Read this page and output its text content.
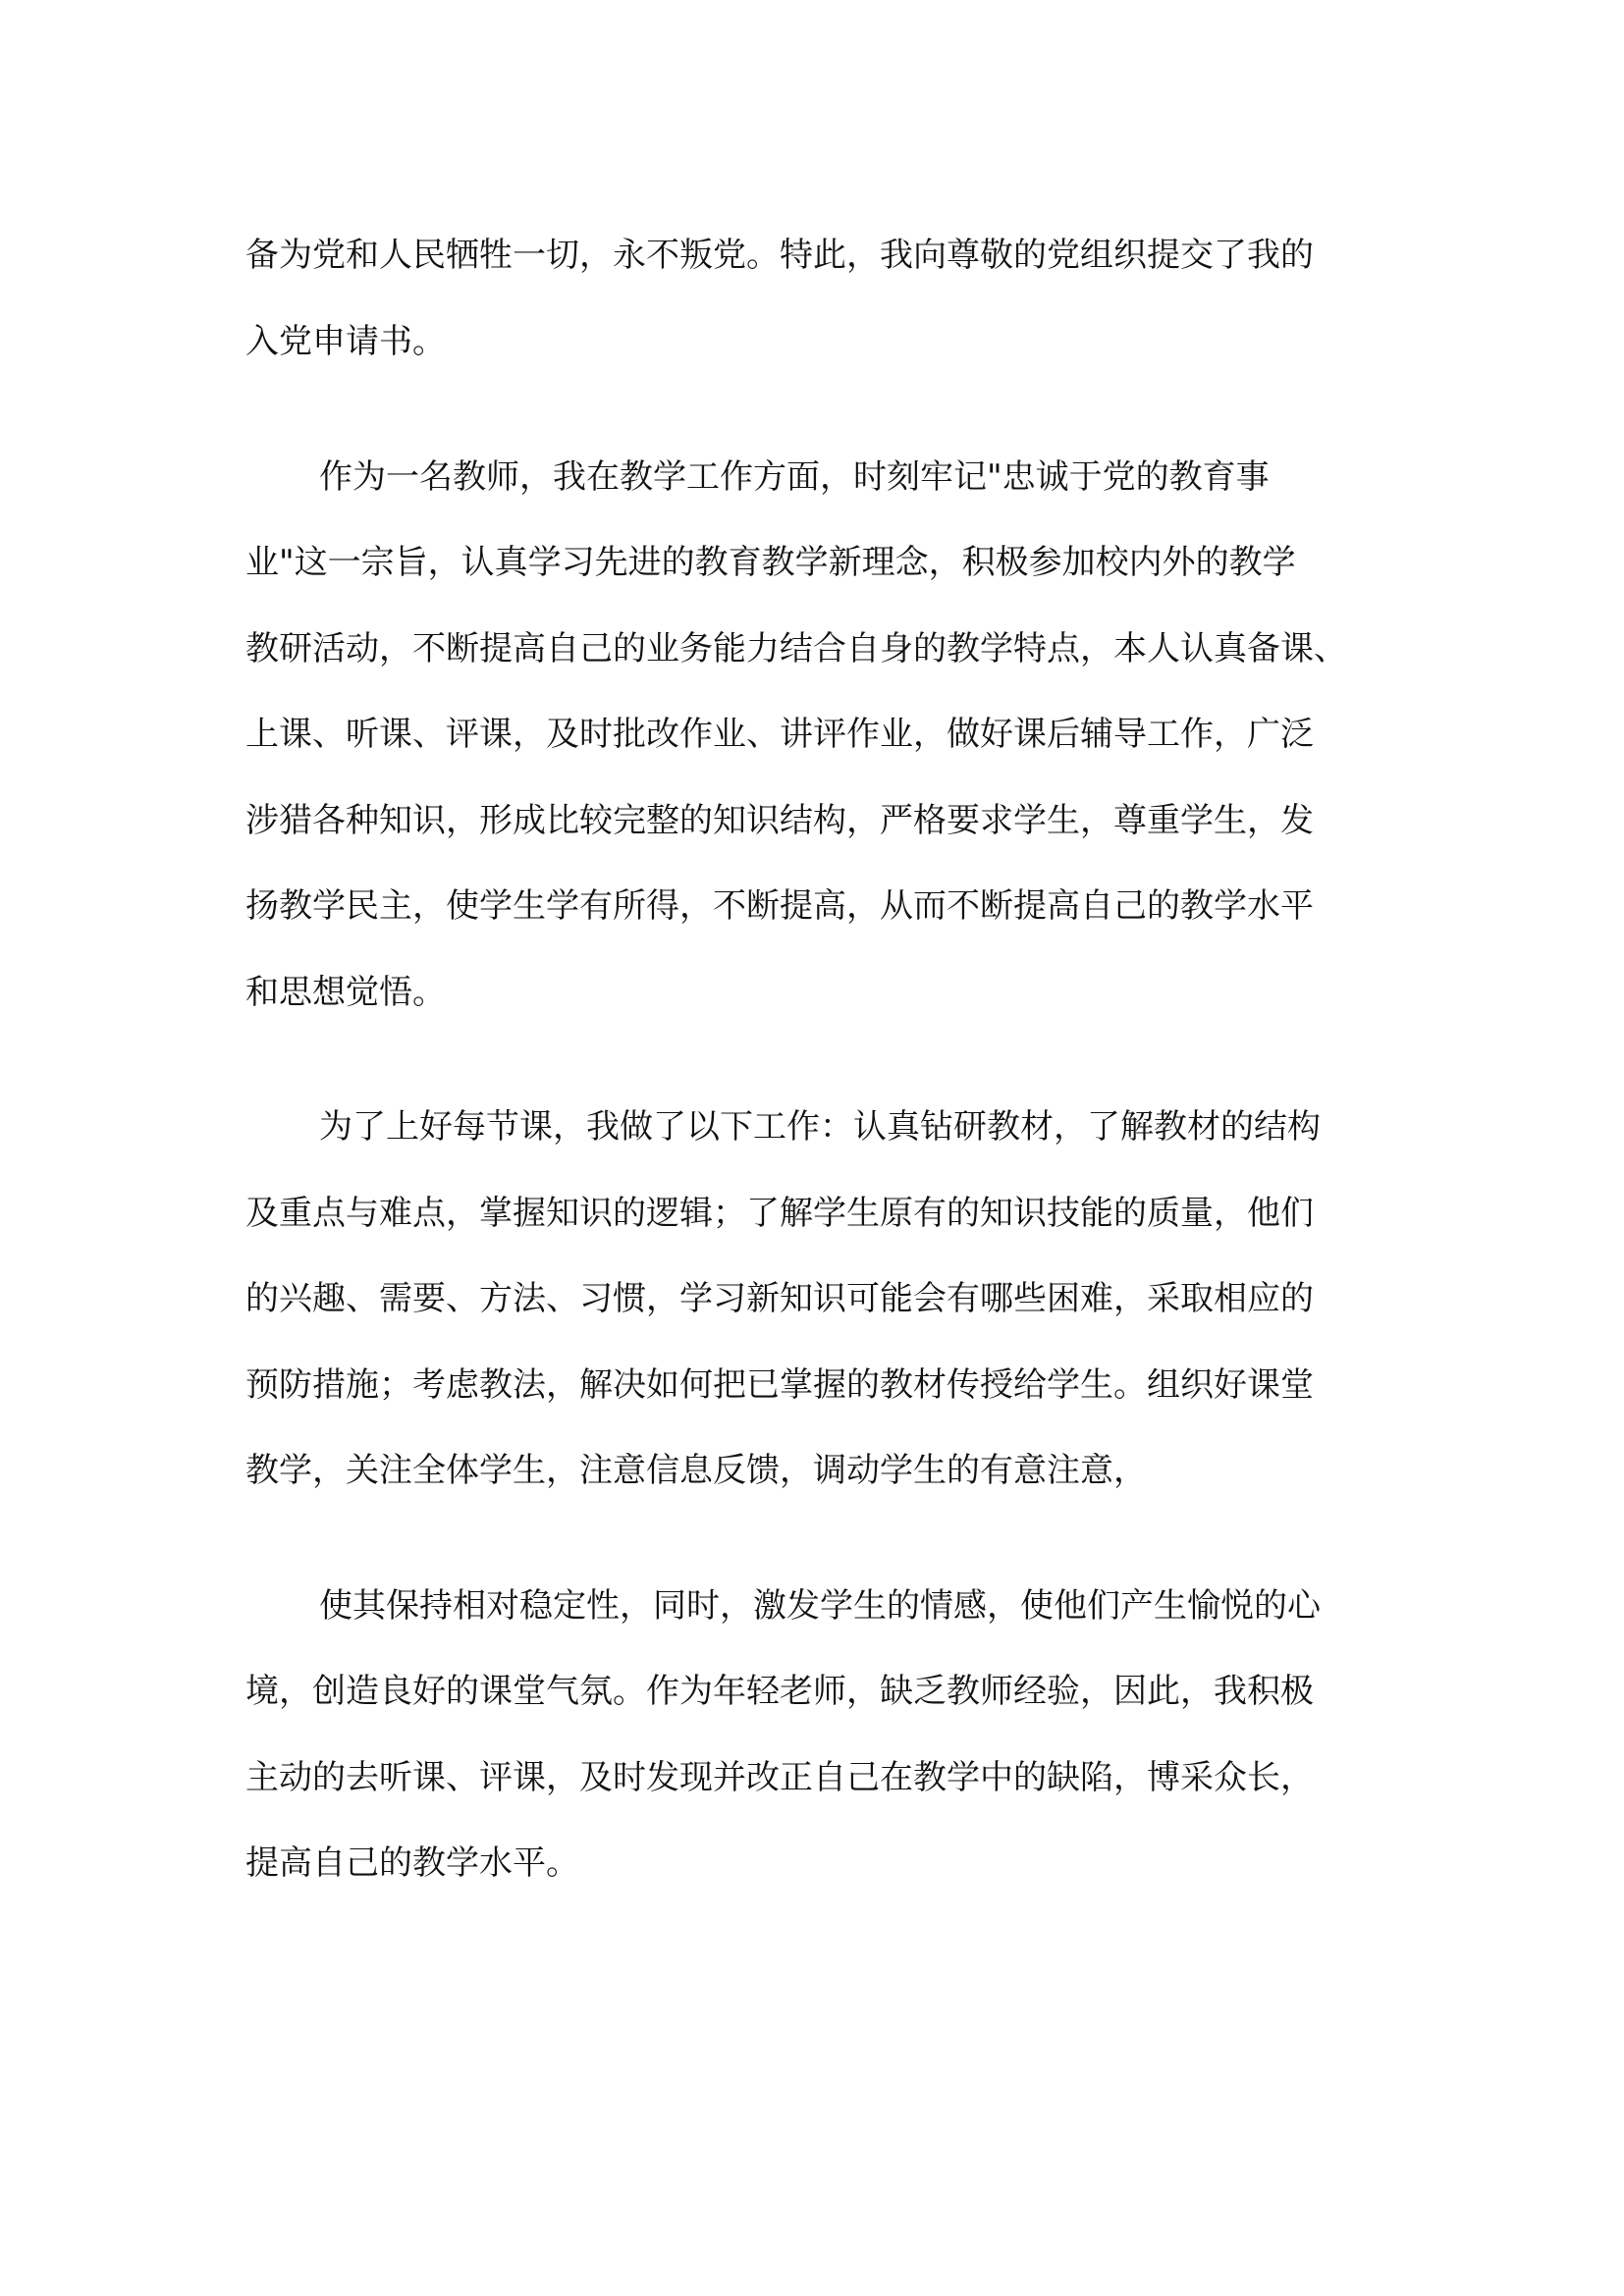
备为党和人民牺牲一切，永不叛党。特此，我向尊敬的党组织提交了我的

入党申请书。

作为一名教师，我在教学工作方面，时刻牢记"忠诚于党的教育事

业"这一宗旨，认真学习先进的教育教学新理念，积极参加校内外的教学

教研活动，不断提高自己的业务能力结合自身的教学特点，本人认真备课、

上课、听课、评课，及时批改作业、讲评作业，做好课后辅导工作，广泛

涉猎各种知识，形成比较完整的知识结构，严格要求学生，尊重学生，发

扬教学民主，使学生学有所得，不断提高，从而不断提高自己的教学水平

和思想觉悟。

为了上好每节课，我做了以下工作：认真钻研教材，了解教材的结构

及重点与难点，掌握知识的逻辑；了解学生原有的知识技能的质量，他们

的兴趣、需要、方法、习惯，学习新知识可能会有哪些困难，采取相应的

预防措施；考虑教法，解决如何把已掌握的教材传授给学生。组织好课堂

教学，关注全体学生，注意信息反馈，调动学生的有意注意，

使其保持相对稳定性，同时，激发学生的情感，使他们产生愉悦的心

境，创造良好的课堂气氛。作为年轻老师，缺乏教师经验，因此，我积极

主动的去听课、评课，及时发现并改正自己在教学中的缺陷，博采众长，

提高自己的教学水平。
